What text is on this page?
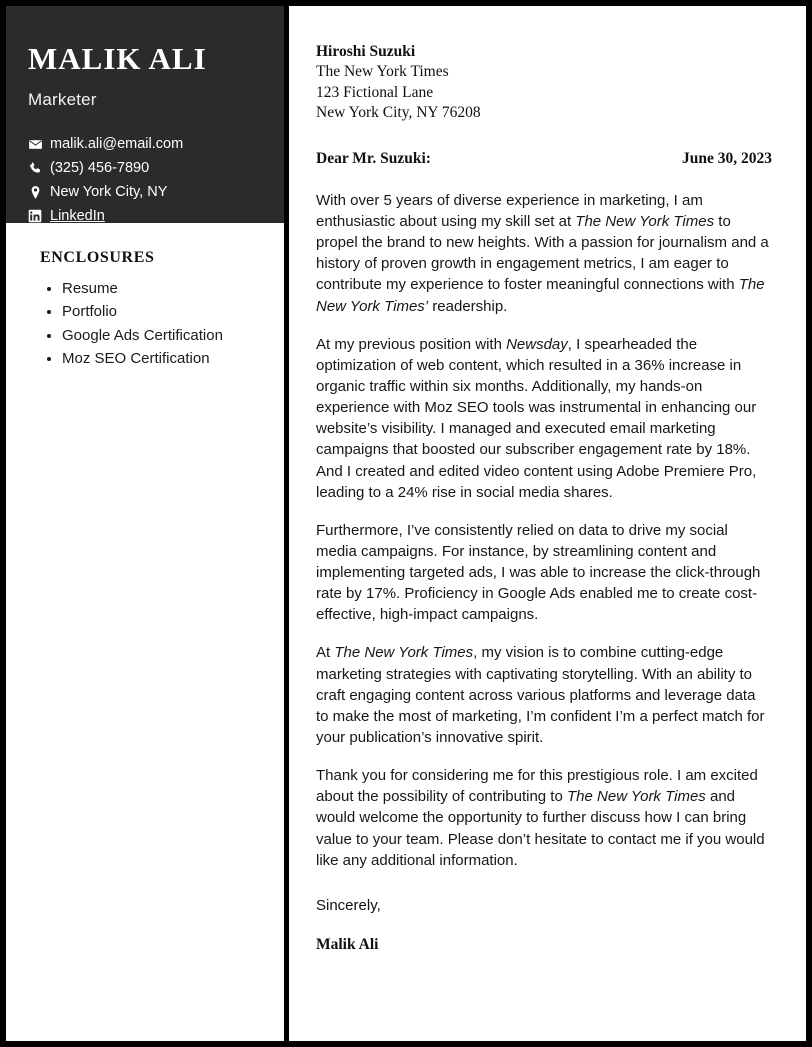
MALIK ALI
Marketer
malik.ali@email.com
(325) 456-7890
New York City, NY
LinkedIn
ENCLOSURES
• Resume
• Portfolio
• Google Ads Certification
• Moz SEO Certification
Hiroshi Suzuki
The New York Times
123 Fictional Lane
New York City, NY 76208
Dear Mr. Suzuki:	June 30, 2023

With over 5 years of diverse experience in marketing, I am enthusiastic about using my skill set at The New York Times to propel the brand to new heights. With a passion for journalism and a history of proven growth in engagement metrics, I am eager to contribute my experience to foster meaningful connections with The New York Times’ readership.

At my previous position with Newsday, I spearheaded the optimization of web content, which resulted in a 36% increase in organic traffic within six months. Additionally, my hands-on experience with Moz SEO tools was instrumental in enhancing our website’s visibility. I managed and executed email marketing campaigns that boosted our subscriber engagement rate by 18%. And I created and edited video content using Adobe Premiere Pro, leading to a 24% rise in social media shares.

Furthermore, I’ve consistently relied on data to drive my social media campaigns. For instance, by streamlining content and implementing targeted ads, I was able to increase the click-through rate by 17%. Proficiency in Google Ads enabled me to create cost-effective, high-impact campaigns.

At The New York Times, my vision is to combine cutting-edge marketing strategies with captivating storytelling. With an ability to craft engaging content across various platforms and leverage data to make the most of marketing, I’m confident I’m a perfect match for your publication’s innovative spirit.

Thank you for considering me for this prestigious role. I am excited about the possibility of contributing to The New York Times and would welcome the opportunity to further discuss how I can bring value to your team. Please don’t hesitate to contact me if you would like any additional information.

Sincerely,
Malik Ali
